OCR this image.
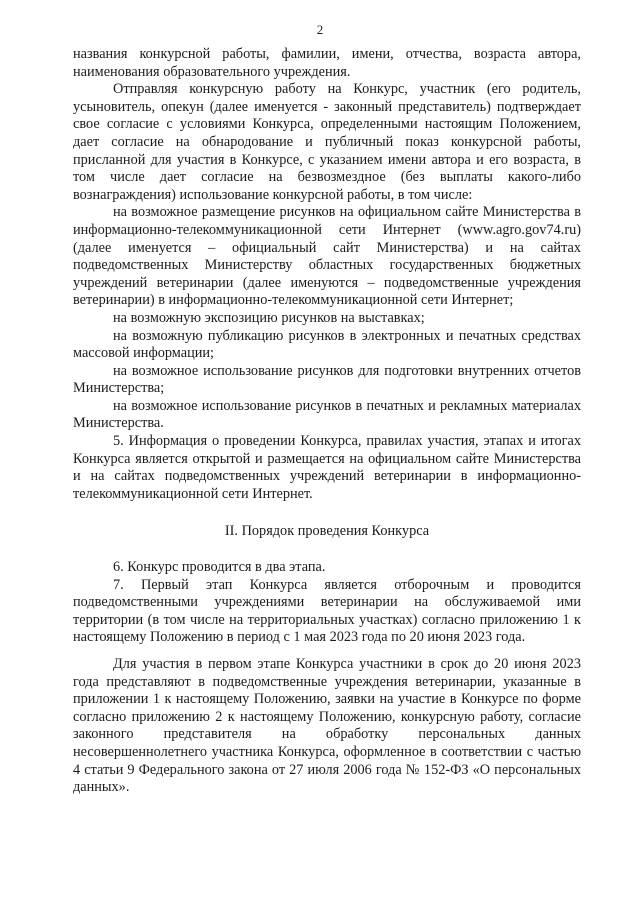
2

названия конкурсной работы, фамилии, имени, отчества, возраста автора, наименования образовательного учреждения.

Отправляя конкурсную работу на Конкурс, участник (его родитель, усыновитель, опекун (далее именуется - законный представитель) подтверждает свое согласие с условиями Конкурса, определенными настоящим Положением, дает согласие на обнародование и публичный показ конкурсной работы, присланной для участия в Конкурсе, с указанием имени автора и его возраста, в том числе дает согласие на безвозмездное (без выплаты какого-либо вознаграждения) использование конкурсной работы, в том числе:

на возможное размещение рисунков на официальном сайте Министерства в информационно-телекоммуникационной сети Интернет (www.agro.gov74.ru) (далее именуется – официальный сайт Министерства) и на сайтах подведомственных Министерству областных государственных бюджетных учреждений ветеринарии (далее именуются – подведомственные учреждения ветеринарии) в информационно-телекоммуникационной сети Интернет;

на возможную экспозицию рисунков на выставках;

на возможную публикацию рисунков в электронных и печатных средствах массовой информации;

на возможное использование рисунков для подготовки внутренних отчетов Министерства;

на возможное использование рисунков в печатных и рекламных материалах Министерства.

5. Информация о проведении Конкурса, правилах участия, этапах и итогах Конкурса является открытой и размещается на официальном сайте Министерства и на сайтах подведомственных учреждений ветеринарии в информационно-телекоммуникационной сети Интернет.

II. Порядок проведения Конкурса

6. Конкурс проводится в два этапа.

7. Первый этап Конкурса является отборочным и проводится подведомственными учреждениями ветеринарии на обслуживаемой ими территории (в том числе на территориальных участках) согласно приложению 1 к настоящему Положению в период с 1 мая 2023 года по 20 июня 2023 года.

Для участия в первом этапе Конкурса участники в срок до 20 июня 2023 года представляют в подведомственные учреждения ветеринарии, указанные в приложении 1 к настоящему Положению, заявки на участие в Конкурсе по форме согласно приложению 2 к настоящему Положению, конкурсную работу, согласие законного представителя на обработку персональных данных несовершеннолетнего участника Конкурса, оформленное в соответствии с частью 4 статьи 9 Федерального закона от 27 июля 2006 года № 152-ФЗ «О персональных данных».
